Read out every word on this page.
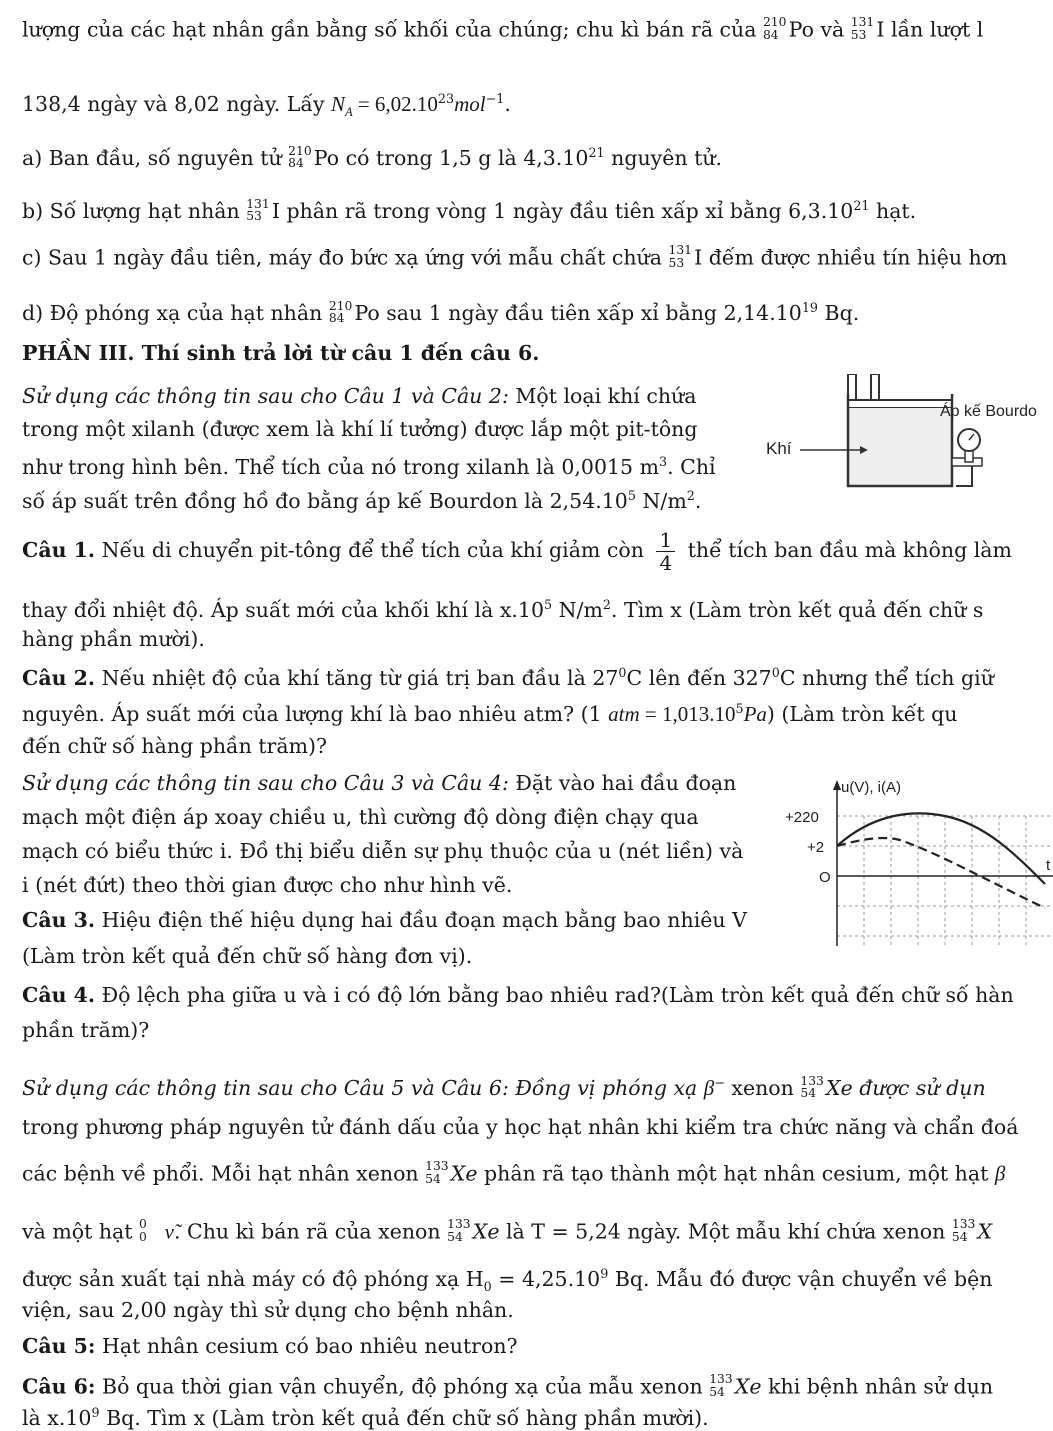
lượng của các hạt nhân gần bằng số khối của chúng; chu kì bán rã của 210
84 Po và 131
53 I lần lượt l
138,4 ngày và 8,02 ngày. Lấy $N_A = 6,02.10^{23}mol^{-1}$.
a) Ban đầu, số nguyên tử 210
84 Po có trong 1,5 g là 4,3.10$^{21}$ nguyên tử.
b) Số lượng hạt nhân 131
53 I phân rã trong vòng 1 ngày đầu tiên xấp xỉ bằng 6,3.10$^{21}$ hạt.
c) Sau 1 ngày đầu tiên, máy đo bức xạ ứng với mẫu chất chứa 131
53 I đếm được nhiều tín hiệu hơn
d) Độ phóng xạ của hạt nhân 210
84 Po sau 1 ngày đầu tiên xấp xỉ bằng 2,14.10$^{19}$ Bq.
PHẦN III. Thí sinh trả lời từ câu 1 đến câu 6.
Sử dụng các thông tin sau cho Câu 1 và Câu 2: Một loại khí chứa
trong một xilanh (được xem là khí lí tưởng) được lắp một pit-tông
như trong hình bên. Thể tích của nó trong xilanh là 0,0015 $m^3$. Chỉ
số áp suất trên đồng hồ đo bằng áp kế Bourdon là 2,54.10$^5$ $N/m^2$.
Khí
Áp kế Bourdo
Câu 1. Nếu di chuyển pit-tông để thể tích của khí giảm còn $\frac{1}{4}$ thể tích ban đầu mà không làm
thay đổi nhiệt độ. Áp suất mới của khối khí là $x.10^5$ $N/m^2$. Tìm x (Làm tròn kết quả đến chữ s
hàng phần mười).
Câu 2. Nếu nhiệt độ của khí tăng từ giá trị ban đầu là $27^0C$ lên đến $327^0C$ nhưng thể tích giữ
nguyên. Áp suất mới của lượng khí là bao nhiêu atm? (1 atm = $1,013.10^5Pa$) (Làm tròn kết qu
đến chữ số hàng phần trăm)?
Sử dụng các thông tin sau cho Câu 3 và Câu 4: Đặt vào hai đầu đoạn
mạch một điện áp xoay chiều u, thì cường độ dòng điện chạy qua
mạch có biểu thức i. Đồ thị biểu diễn sự phụ thuộc của u (nét liền) và
i (nét đứt) theo thời gian được cho như hình vẽ.
Câu 3. Hiệu điện thế hiệu dụng hai đầu đoạn mạch bằng bao nhiêu V
(Làm tròn kết quả đến chữ số hàng đơn vị).
u(V), i(A)
+220
+2
O
t
Câu 4. Độ lệch pha giữa u và i có độ lớn bằng bao nhiêu rad?(Làm tròn kết quả đến chữ số hàn
phần trăm)?
Sử dụng các thông tin sau cho Câu 5 và Câu 6: Đồng vị phóng xạ β− xenon 133
54 Xe được sử dụn
trong phương pháp nguyên tử đánh dấu của y học hạt nhân khi kiểm tra chức năng và chẩn đoá
các bệnh về phổi. Mỗi hạt nhân xenon 133
54 Xe phân rã tạo thành một hạt nhân cesium, một hạt β
và một hạt 0
0 ν̃. Chu kì bán rã của xenon 133
54 Xe là T = 5,24 ngày. Một mẫu khí chứa xenon 133
54 X
được sản xuất tại nhà máy có độ phóng xạ $H_0 = 4,25.10^9$ Bq. Mẫu đó được vận chuyển về bện
viện, sau 2,00 ngày thì sử dụng cho bệnh nhân.
Câu 5: Hạt nhân cesium có bao nhiêu neutron?
Câu 6: Bỏ qua thời gian vận chuyển, độ phóng xạ của mẫu xenon 133
54 Xe khi bệnh nhân sử dụn
là $x.10^9$ Bq. Tìm x (Làm tròn kết quả đến chữ số hàng phần mười).
